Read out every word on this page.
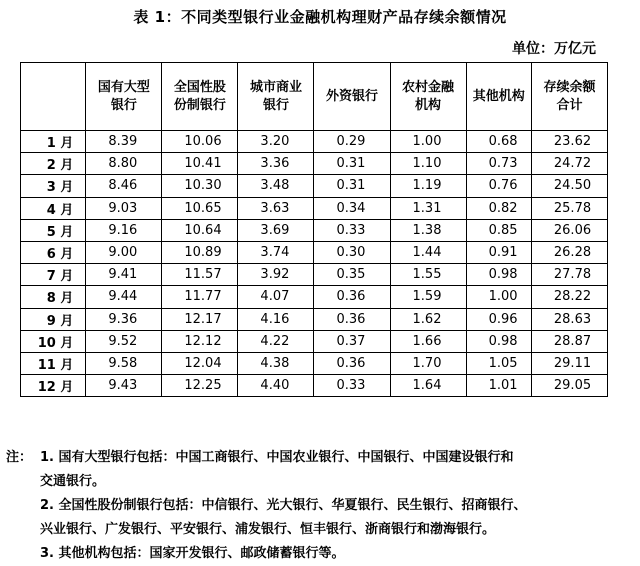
表 1：不同类型银行业金融机构理财产品存续余额情况
单位：万亿元
	国有大型银行	全国性股份制银行	城市商业银行	外资银行	农村金融机构	其他机构	存续余额合计
1 月	8.39	10.06	3.20	0.29	1.00	0.68	23.62
2 月	8.80	10.41	3.36	0.31	1.10	0.73	24.72
3 月	8.46	10.30	3.48	0.31	1.19	0.76	24.50
4 月	9.03	10.65	3.63	0.34	1.31	0.82	25.78
5 月	9.16	10.64	3.69	0.33	1.38	0.85	26.06
6 月	9.00	10.89	3.74	0.30	1.44	0.91	26.28
7 月	9.41	11.57	3.92	0.35	1.55	0.98	27.78
8 月	9.44	11.77	4.07	0.36	1.59	1.00	28.22
9 月	9.36	12.17	4.16	0.36	1.62	0.96	28.63
10 月	9.52	12.12	4.22	0.37	1.66	0.98	28.87
11 月	9.58	12.04	4.38	0.36	1.70	1.05	29.11
12 月	9.43	12.25	4.40	0.33	1.64	1.01	29.05
注： 1. 国有大型银行包括：中国工商银行、中国农业银行、中国银行、中国建设银行和
交通银行。
2. 全国性股份制银行包括：中信银行、光大银行、华夏银行、民生银行、招商银行、
兴业银行、广发银行、平安银行、浦发银行、恒丰银行、浙商银行和渤海银行。
3. 其他机构包括：国家开发银行、邮政储蓄银行等。
